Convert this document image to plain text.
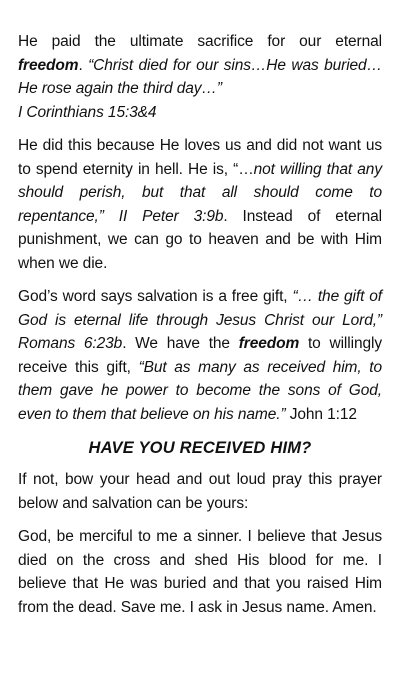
He paid the ultimate sacrifice for our eternal freedom. “Christ died for our sins…He was buried…He rose again the third day…”
I Corinthians 15:3&4

He did this because He loves us and did not want us to spend eternity in hell. He is, “…not willing that any should perish, but that all should come to repentance,” II Peter 3:9b. Instead of eternal punishment, we can go to heaven and be with Him when we die.

God’s word says salvation is a free gift, “… the gift of God is eternal life through Jesus Christ our Lord,” Romans 6:23b. We have the freedom to willingly receive this gift, “But as many as received him, to them gave he power to become the sons of God, even to them that believe on his name.” John 1:12

HAVE YOU RECEIVED HIM?

If not, bow your head and out loud pray this prayer below and salvation can be yours:

God, be merciful to me a sinner. I believe that Jesus died on the cross and shed His blood for me. I believe that He was buried and that you raised Him from the dead. Save me. I ask in Jesus name. Amen.
